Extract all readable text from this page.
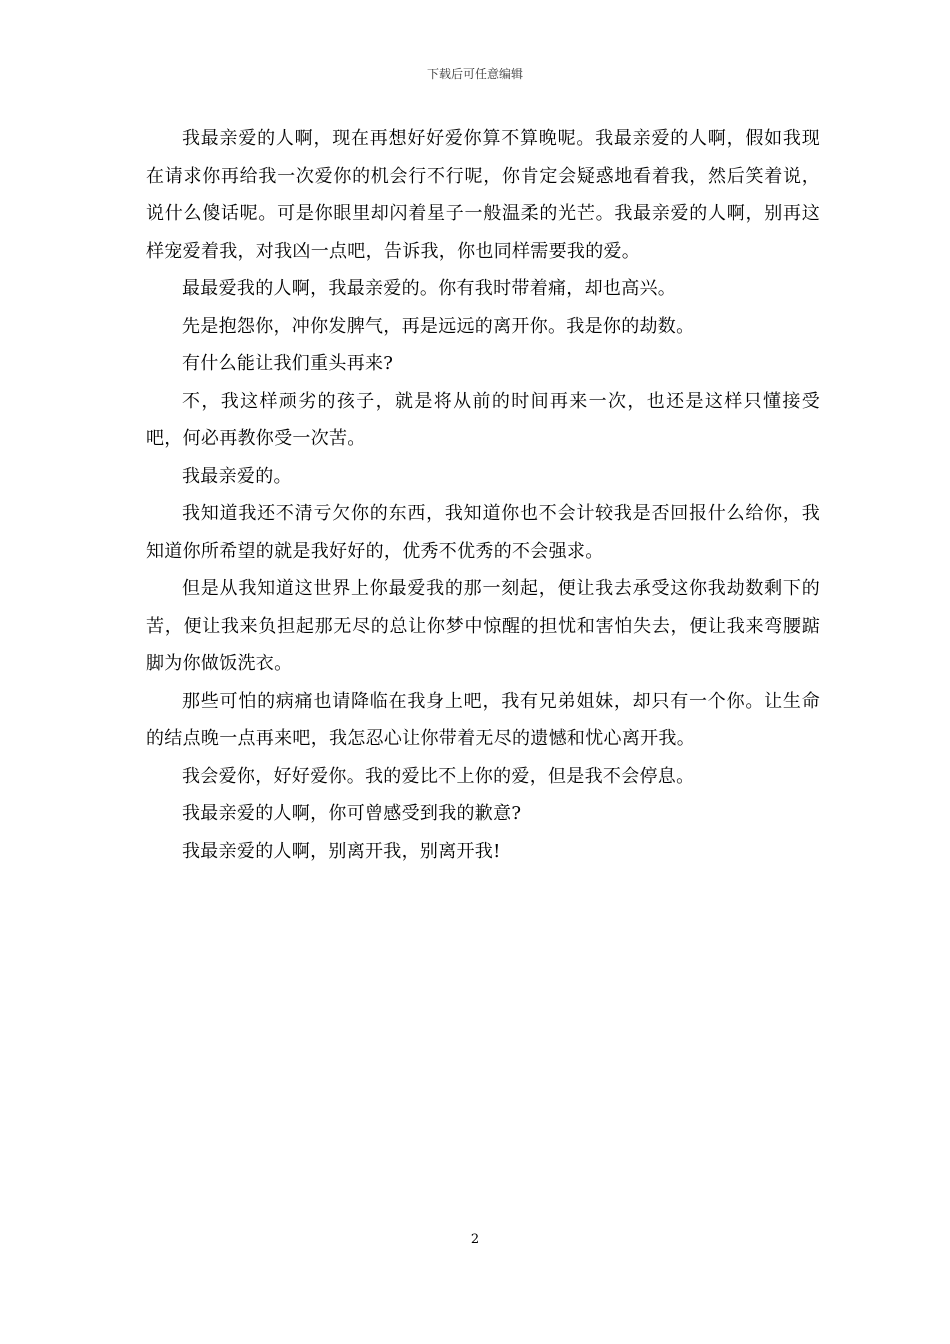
下载后可任意编辑

我最亲爱的人啊，现在再想好好爱你算不算晚呢。我最亲爱的人啊，假如我现在请求你再给我一次爱你的机会行不行呢，你肯定会疑惑地看着我，然后笑着说，说什么傻话呢。可是你眼里却闪着星子一般温柔的光芒。我最亲爱的人啊，别再这样宠爱着我，对我凶一点吧，告诉我，你也同样需要我的爱。

最最爱我的人啊，我最亲爱的。你有我时带着痛，却也高兴。

先是抱怨你，冲你发脾气，再是远远的离开你。我是你的劫数。

有什么能让我们重头再来?

不，我这样顽劣的孩子，就是将从前的时间再来一次，也还是这样只懂接受吧，何必再教你受一次苦。

我最亲爱的。

我知道我还不清亏欠你的东西，我知道你也不会计较我是否回报什么给你，我知道你所希望的就是我好好的，优秀不优秀的不会强求。

但是从我知道这世界上你最爱我的那一刻起，便让我去承受这你我劫数剩下的苦，便让我来负担起那无尽的总让你梦中惊醒的担忧和害怕失去，便让我来弯腰踮脚为你做饭洗衣。

那些可怕的病痛也请降临在我身上吧，我有兄弟姐妹，却只有一个你。让生命的结点晚一点再来吧，我怎忍心让你带着无尽的遗憾和忧心离开我。

我会爱你，好好爱你。我的爱比不上你的爱，但是我不会停息。

我最亲爱的人啊，你可曾感受到我的歉意?

我最亲爱的人啊，别离开我，别离开我!

2
